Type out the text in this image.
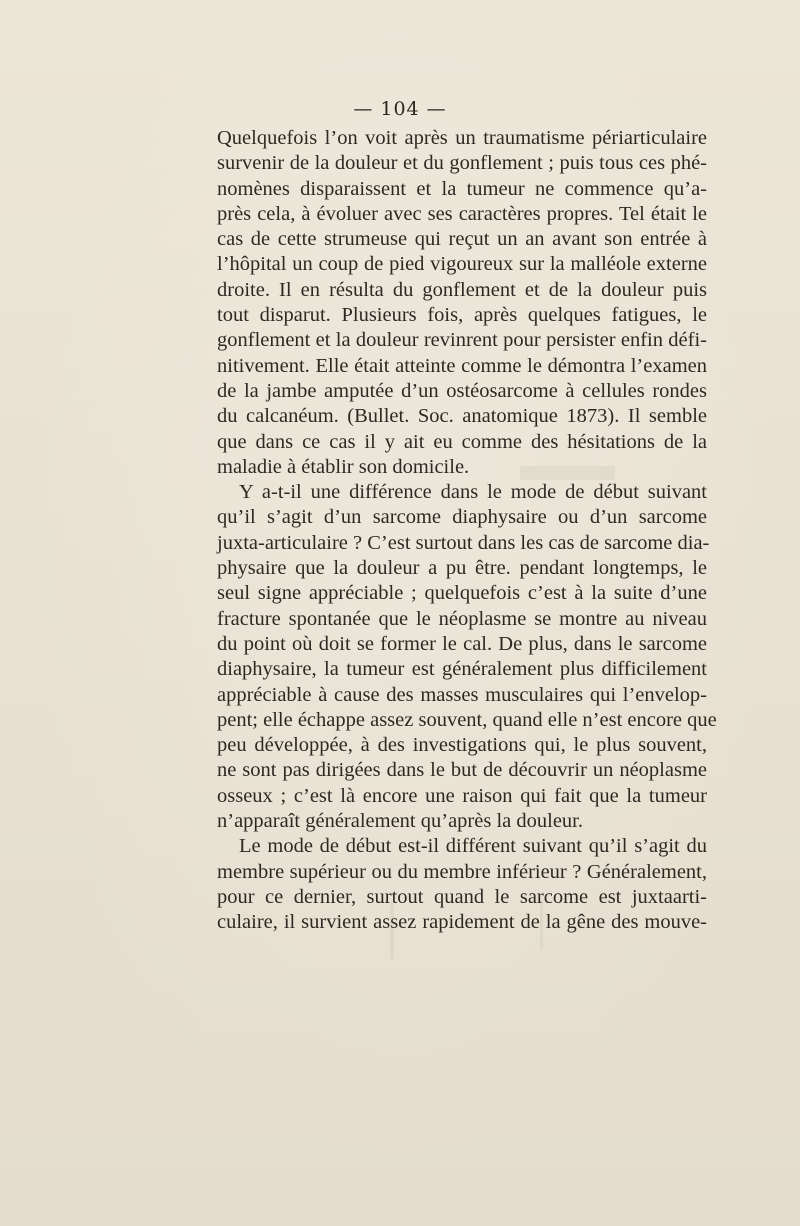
— 104 —
Quelquefois l’on voit après un traumatisme périarticulaire
survenir de la douleur et du gonflement ; puis tous ces phé-
nomènes disparaissent et la tumeur ne commence qu’a-
près cela, à évoluer avec ses caractères propres. Tel était le
cas de cette strumeuse qui reçut un an avant son entrée à
l’hôpital un coup de pied vigoureux sur la malléole externe
droite. Il en résulta du gonflement et de la douleur puis
tout disparut. Plusieurs fois, après quelques fatigues, le
gonflement et la douleur revinrent pour persister enfin défi-
nitivement. Elle était atteinte comme le démontra l’examen
de la jambe amputée d’un ostéosarcome à cellules rondes
du calcanéum. (Bullet. Soc. anatomique 1873). Il semble
que dans ce cas il y ait eu comme des hésitations de la
maladie à établir son domicile.
Y a-t-il une différence dans le mode de début suivant
qu’il s’agit d’un sarcome diaphysaire ou d’un sarcome
juxta-articulaire ? C’est surtout dans les cas de sarcome dia-
physaire que la douleur a pu être. pendant longtemps, le
seul signe appréciable ; quelquefois c’est à la suite d’une
fracture spontanée que le néoplasme se montre au niveau
du point où doit se former le cal. De plus, dans le sarcome
diaphysaire, la tumeur est généralement plus difficilement
appréciable à cause des masses musculaires qui l’envelop-
pent; elle échappe assez souvent, quand elle n’est encore que
peu développée, à des investigations qui, le plus souvent,
ne sont pas dirigées dans le but de découvrir un néoplasme
osseux ; c’est là encore une raison qui fait que la tumeur
n’apparaît généralement qu’après la douleur.
Le mode de début est-il différent suivant qu’il s’agit du
membre supérieur ou du membre inférieur ? Généralement,
pour ce dernier, surtout quand le sarcome est juxtaarti-
culaire, il survient assez rapidement de la gêne des mouve-
